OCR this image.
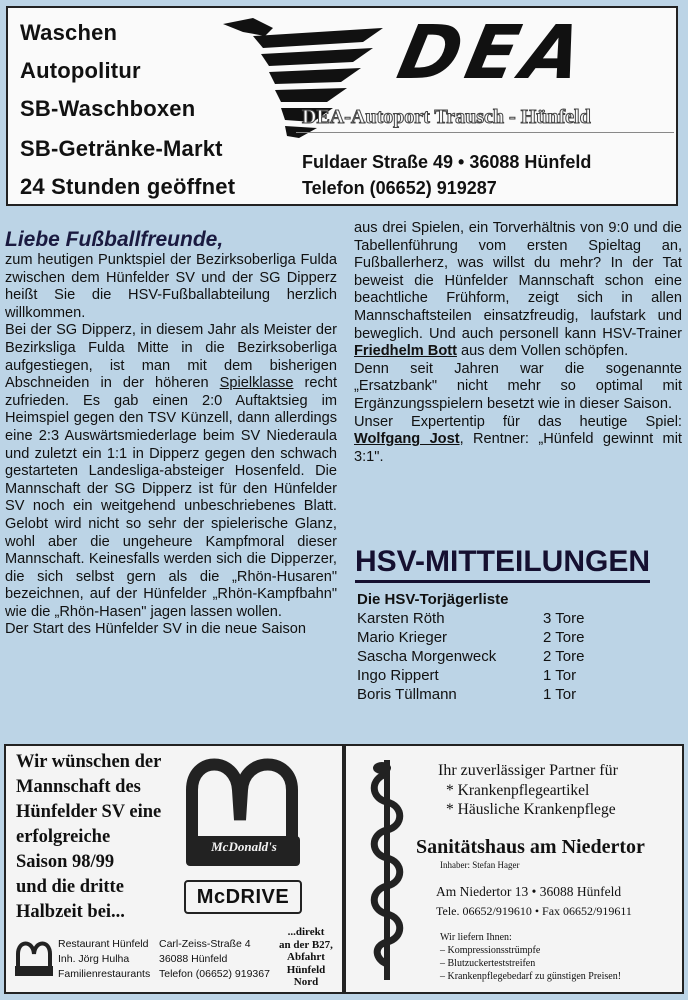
Waschen
Autopolitur
SB-Waschboxen
SB-Getränke-Markt
24 Stunden geöffnet
DEA
DEA-Autoport Trausch - Hünfeld
Fuldaer Straße 49 • 36088 Hünfeld
Telefon (06652) 919287
Liebe Fußballfreunde,

zum heutigen Punktspiel der Bezirksoberliga Fulda zwischen dem Hünfelder SV und der SG Dipperz heißt Sie die HSV-Fußballabteilung herzlich willkommen.

Bei der SG Dipperz, in diesem Jahr als Meister der Bezirksliga Fulda Mitte in die Bezirksoberliga aufgestiegen, ist man mit dem bisherigen Abschneiden in der höheren Spielklasse recht zufrieden. Es gab einen 2:0 Auftaktsieg im Heimspiel gegen den TSV Künzell, dann allerdings eine 2:3 Auswärtsmiederlage beim SV Niederaula und zuletzt ein 1:1 in Dipperz gegen den schwach gestarteten Landesliga-absteiger Hosenfeld. Die Mannschaft der SG Dipperz ist für den Hünfelder SV noch ein weitgehend unbeschriebenes Blatt. Gelobt wird nicht so sehr der spielerische Glanz, wohl aber die ungeheure Kampfmoral dieser Mannschaft. Keinesfalls werden sich die Dipperzer, die sich selbst gern als die „Rhön-Husaren" bezeichnen, auf der Hünfelder „Rhön-Kampfbahn" wie die „Rhön-Hasen" jagen lassen wollen.

Der Start des Hünfelder SV in die neue Saison

aus drei Spielen, ein Torverhältnis von 9:0 und die Tabellenführung vom ersten Spieltag an, Fußballerherz, was willst du mehr? In der Tat beweist die Hünfelder Mannschaft schon eine beachtliche Frühform, zeigt sich in allen Mannschaftsteilen einsatzfreudig, laufstark und beweglich. Und auch personell kann HSV-Trainer Friedhelm Bott aus dem Vollen schöpfen.

Denn seit Jahren war die sogenannte „Ersatzbank" nicht mehr so optimal mit Ergänzungsspielern besetzt wie in dieser Saison.

Unser Expertentip für das heutige Spiel: Wolfgang Jost, Rentner: „Hünfeld gewinnt mit 3:1".

HSV-MITTEILUNGEN
Die HSV-Torjägerliste
Karsten Röth	3 Tore
Mario Krieger	2 Tore
Sascha Morgenweck	2 Tore
Ingo Rippert	1 Tor
Boris Tüllmann	1 Tor
Wir wünschen der
Mannschaft des
Hünfelder SV eine
erfolgreiche
Saison 98/99
und die dritte
Halbzeit bei...
McDonald's
McDRIVE
...direkt
an der B27,
Abfahrt
Hünfeld
Nord
Restaurant Hünfeld
Inh. Jörg Hulha
Familienrestaurants
Carl-Zeiss-Straße 4
36088 Hünfeld
Telefon (06652) 919367
Ihr zuverlässiger Partner für
* Krankenpflegeartikel
* Häusliche Krankenpflege
Sanitätshaus am Niedertor
Inhaber: Stefan Hager
Am Niedertor 13 • 36088 Hünfeld
Tele. 06652/919610 • Fax 06652/919611
Wir liefern Ihnen:
– Kompressionsstrümpfe
– Blutzuckerteststreifen
– Krankenpflegebedarf zu günstigen Preisen!
